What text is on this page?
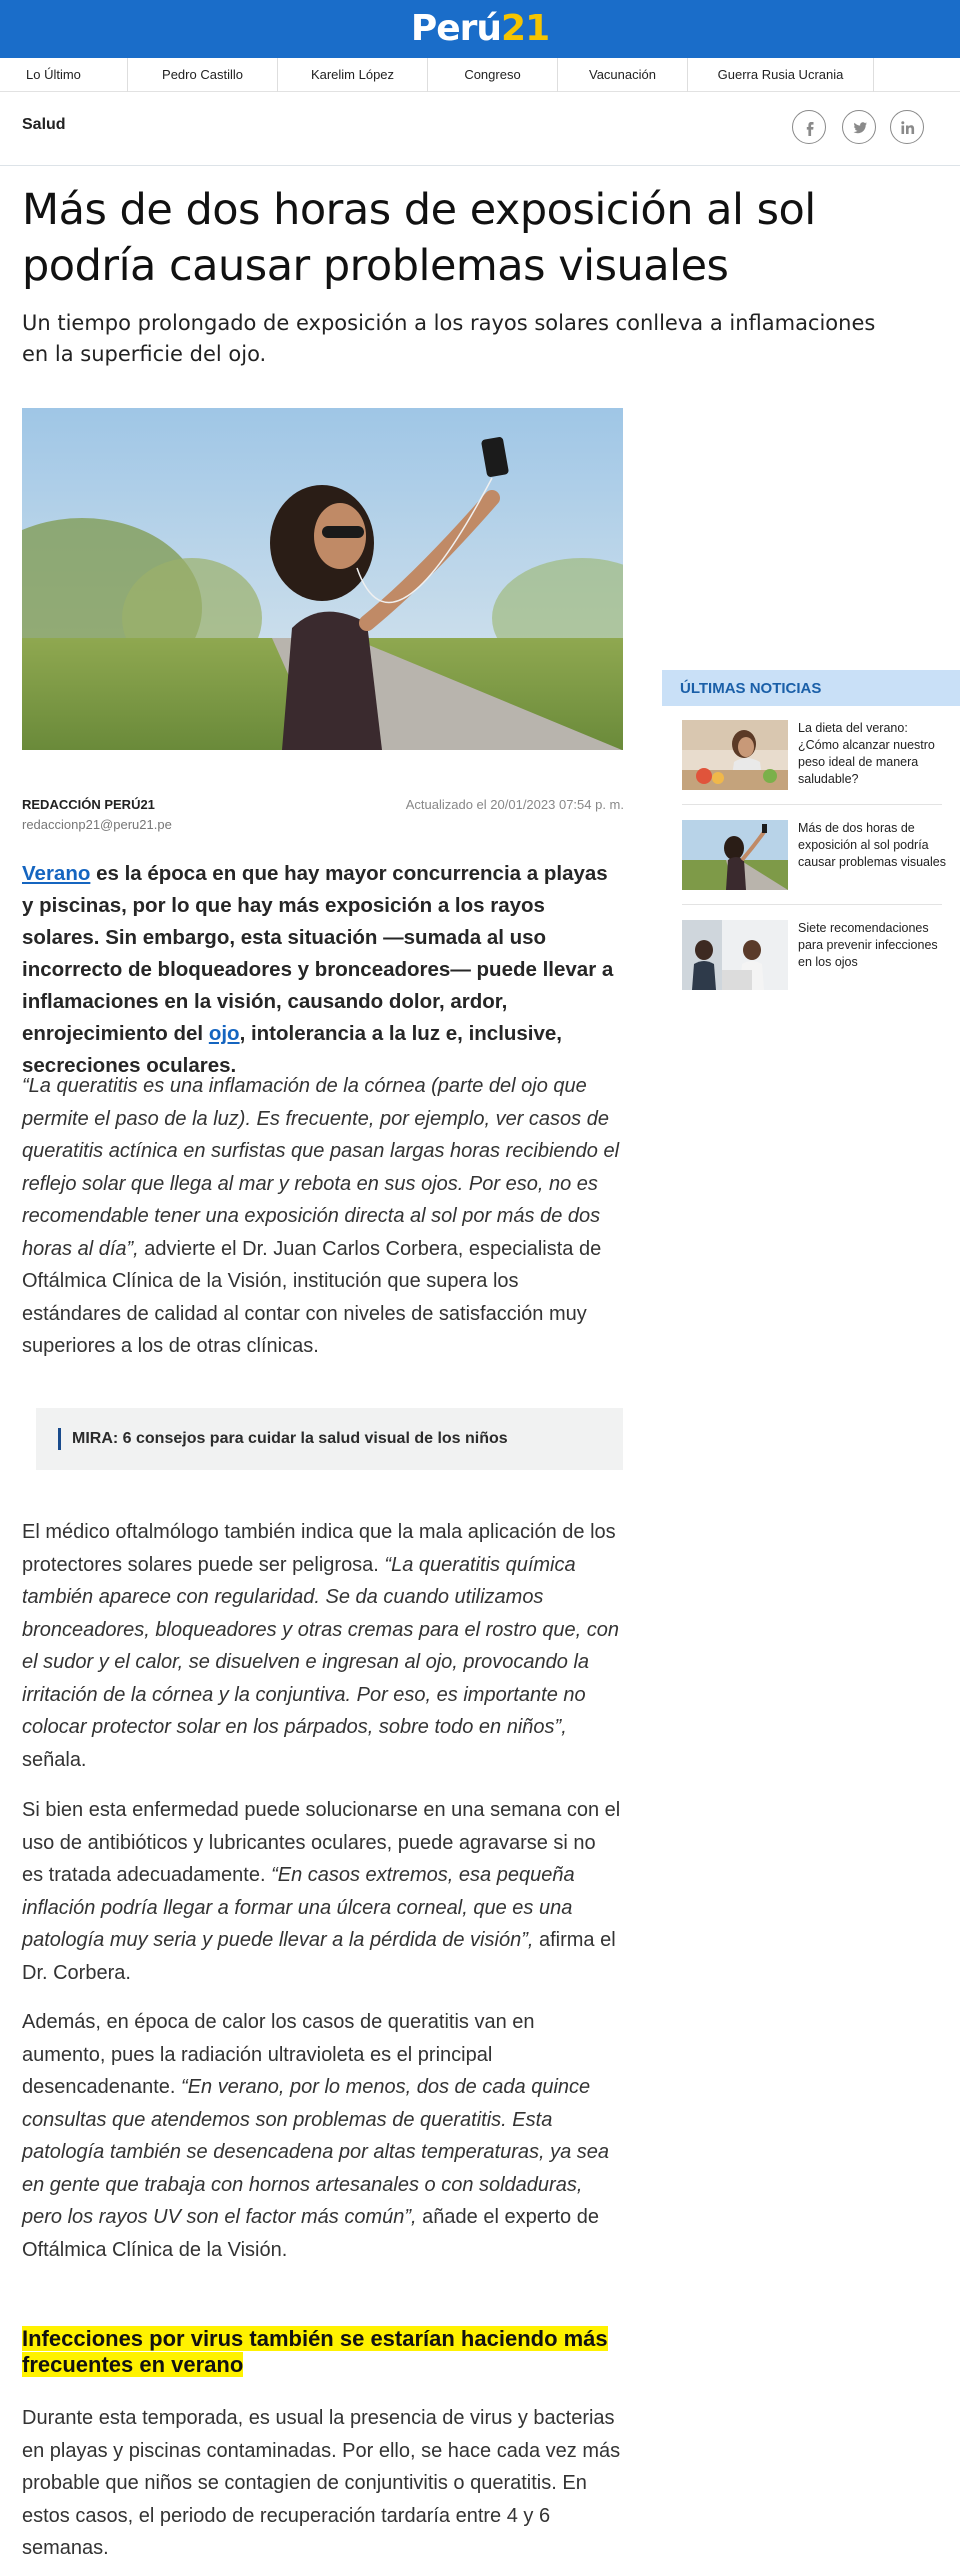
Perú21
Lo Último	Pedro Castillo	Karelim López	Congreso	Vacunación	Guerra Rusia Ucrania
Salud
Más de dos horas de exposición al sol podría causar problemas visuales

Un tiempo prolongado de exposición a los rayos solares conlleva a inflamaciones en la superficie del ojo.

REDACCIÓN PERÚ21
redaccionp21@peru21.pe
Actualizado el 20/01/2023 07:54 p. m.

Verano es la época en que hay mayor concurrencia a playas y piscinas, por lo que hay más exposición a los rayos solares. Sin embargo, esta situación —sumada al uso incorrecto de bloqueadores y bronceadores— puede llevar a inflamaciones en la visión, causando dolor, ardor, enrojecimiento del ojo, intolerancia a la luz e, inclusive, secreciones oculares.

“La queratitis es una inflamación de la córnea (parte del ojo que permite el paso de la luz). Es frecuente, por ejemplo, ver casos de queratitis actínica en surfistas que pasan largas horas recibiendo el reflejo solar que llega al mar y rebota en sus ojos. Por eso, no es recomendable tener una exposición directa al sol por más de dos horas al día”, advierte el Dr. Juan Carlos Corbera, especialista de Oftálmica Clínica de la Visión, institución que supera los estándares de calidad al contar con niveles de satisfacción muy superiores a los de otras clínicas.

MIRA: 6 consejos para cuidar la salud visual de los niños

El médico oftalmólogo también indica que la mala aplicación de los protectores solares puede ser peligrosa. “La queratitis química también aparece con regularidad. Se da cuando utilizamos bronceadores, bloqueadores y otras cremas para el rostro que, con el sudor y el calor, se disuelven e ingresan al ojo, provocando la irritación de la córnea y la conjuntiva. Por eso, es importante no colocar protector solar en los párpados, sobre todo en niños”, señala.

Si bien esta enfermedad puede solucionarse en una semana con el uso de antibióticos y lubricantes oculares, puede agravarse si no es tratada adecuadamente. “En casos extremos, esa pequeña inflación podría llegar a formar una úlcera corneal, que es una patología muy seria y puede llevar a la pérdida de visión”, afirma el Dr. Corbera.

Además, en época de calor los casos de queratitis van en aumento, pues la radiación ultravioleta es el principal desencadenante. “En verano, por lo menos, dos de cada quince consultas que atendemos son problemas de queratitis. Esta patología también se desencadena por altas temperaturas, ya sea en gente que trabaja con hornos artesanales o con soldaduras, pero los rayos UV son el factor más común”, añade el experto de Oftálmica Clínica de la Visión.

Infecciones por virus también se estarían haciendo más frecuentes en verano

Durante esta temporada, es usual la presencia de virus y bacterias en playas y piscinas contaminadas. Por ello, se hace cada vez más probable que niños se contagien de conjuntivitis o queratitis. En estos casos, el periodo de recuperación tardaría entre 4 y 6 semanas.

ÚLTIMAS NOTICIAS
La dieta del verano: ¿Cómo alcanzar nuestro peso ideal de manera saludable?
Más de dos horas de exposición al sol podría causar problemas visuales
Siete recomendaciones para prevenir infecciones en los ojos
